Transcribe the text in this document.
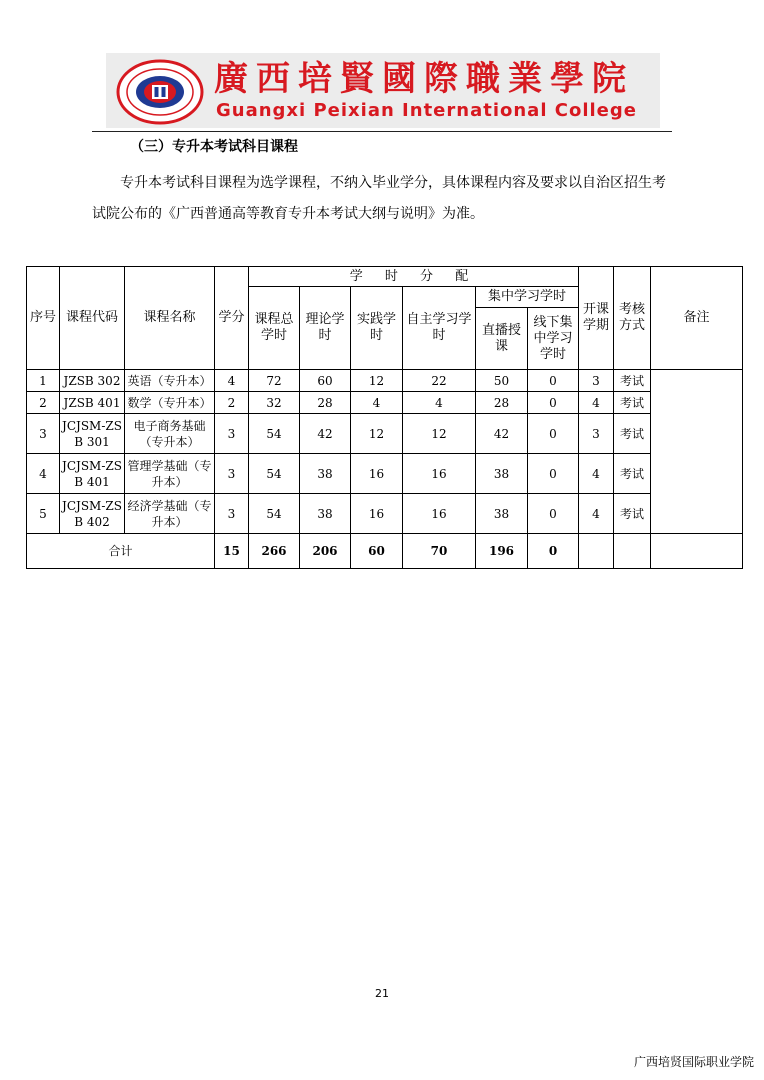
廣西培賢國際職業學院
Guangxi Peixian International College
（三）专升本考试科目课程
专升本考试科目课程为选学课程，不纳入毕业学分，具体课程内容及要求以自治区招生考试院公布的《广西普通高等教育专升本考试大纲与说明》为准。
序号	课程代码	课程名称	学分	学 时 分 配						开课学期	考核方式	备注
				课程总学时	理论学时	实践学时	自主学习学时	集中学习学时				
								直播授课	线下集中学习学时			
1	JZSB 302	英语（专升本）	4	72	60	12	22	50	0	3	考试	
2	JZSB 401	数学（专升本）	2	32	28	4	4	28	0	4	考试	
3	JCJSM-ZSB 301	电子商务基础（专升本）	3	54	42	12	12	42	0	3	考试	
4	JCJSM-ZSB 401	管理学基础（专升本）	3	54	38	16	16	38	0	4	考试	
5	JCJSM-ZSB 402	经济学基础（专升本）	3	54	38	16	16	38	0	4	考试	
合计			15	266	206	60	70	196	0			
21
广西培贤国际职业学院
